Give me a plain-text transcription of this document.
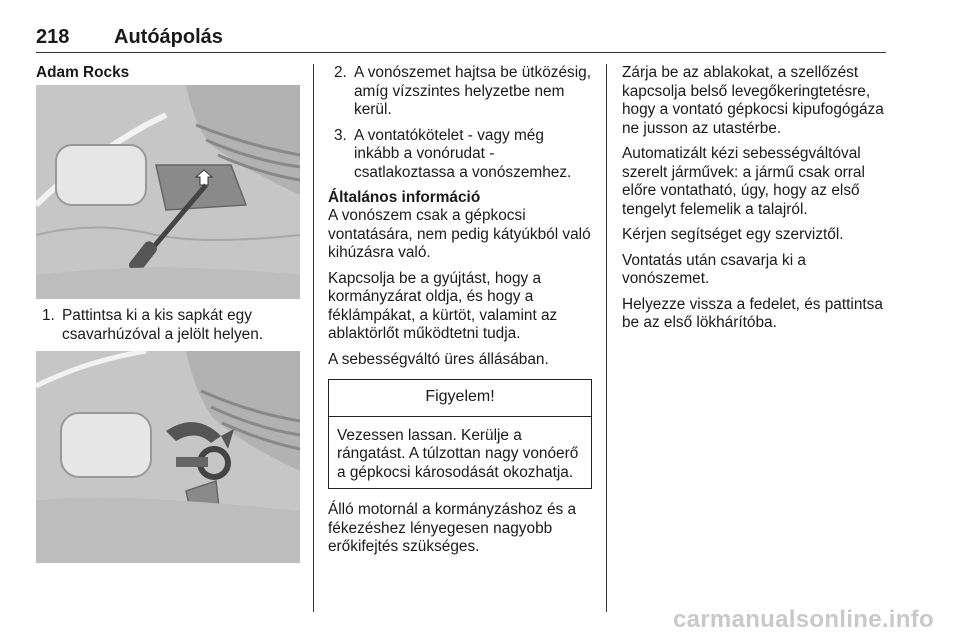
218 Autóápolás
Adam Rocks
1. Pattintsa ki a kis sapkát egy csavarhúzóval a jelölt helyen.
2. A vonószemet hajtsa be ütközésig, amíg vízszintes helyzetbe nem kerül.
3. A vontatókötelet - vagy még inkább a vonórudat - csatlakoztassa a vonószemhez.
Általános információ

A vonószem csak a gépkocsi vontatására, nem pedig kátyúkból való kihúzásra való.

Kapcsolja be a gyújtást, hogy a kormányzárat oldja, és hogy a féklámpákat, a kürtöt, valamint az ablaktörlőt működtetni tudja.

A sebességváltó üres állásában.

Figyelem!
Vezessen lassan. Kerülje a rángatást. A túlzottan nagy vonóerő a gépkocsi károsodását okozhatja.

Álló motornál a kormányzáshoz és a fékezéshez lényegesen nagyobb erőkifejtés szükséges.

Zárja be az ablakokat, a szellőzést kapcsolja belső levegőkeringtetésre, hogy a vontató gépkocsi kipufogógáza ne jusson az utastérbe.

Automatizált kézi sebességváltóval szerelt járművek: a jármű csak orral előre vontatható, úgy, hogy az első tengelyt felemelik a talajról.

Kérjen segítséget egy szerviztől.

Vontatás után csavarja ki a vonószemet.

Helyezze vissza a fedelet, és pattintsa be az első lökhárítóba.

carmanualsonline.info
